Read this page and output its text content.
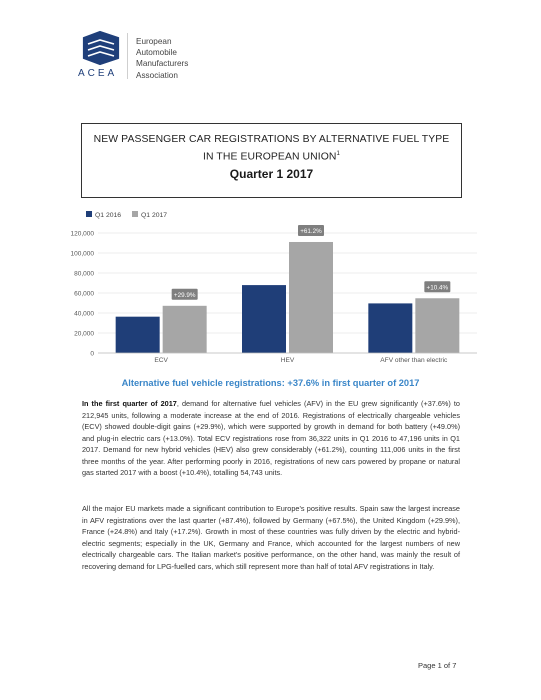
ACEA
European
Automobile
Manufacturers
Association
NEW PASSENGER CAR REGISTRATIONS BY ALTERNATIVE FUEL TYPE
IN THE EUROPEAN UNION$^1$
Quarter 1 2017
Q1 2016	Q1 2017
0
20,000
40,000
60,000
80,000
100,000
120,000
+29.9%
ECV
+61.2%
HEV
+10.4%
AFV other than electric
Alternative fuel vehicle registrations: +37.6% in first quarter of 2017
In the first quarter of 2017, demand for alternative fuel vehicles (AFV) in the EU grew significantly (+37.6%) to 212,945 units, following a moderate increase at the end of 2016. Registrations of electrically chargeable vehicles (ECV) showed double-digit gains (+29.9%), which were supported by growth in demand for both battery (+49.0%) and plug-in electric cars (+13.0%). Total ECV registrations rose from 36,322 units in Q1 2016 to 47,196 units in Q1 2017. Demand for new hybrid vehicles (HEV) also grew considerably (+61.2%), counting 111,006 units in the first three months of the year. After performing poorly in 2016, registrations of new cars powered by propane or natural gas started 2017 with a boost (+10.4%), totalling 54,743 units.
All the major EU markets made a significant contribution to Europe's positive results. Spain saw the largest increase in AFV registrations over the last quarter (+87.4%), followed by Germany (+67.5%), the United Kingdom (+29.9%), France (+24.8%) and Italy (+17.2%). Growth in most of these countries was fully driven by the electric and hybrid-electric segments; especially in the UK, Germany and France, which accounted for the largest numbers of new electrically chargeable cars. The Italian market's positive performance, on the other hand, was mainly the result of recovering demand for LPG-fuelled cars, which still represent more than half of total AFV registrations in Italy.
Page 1 of 7
